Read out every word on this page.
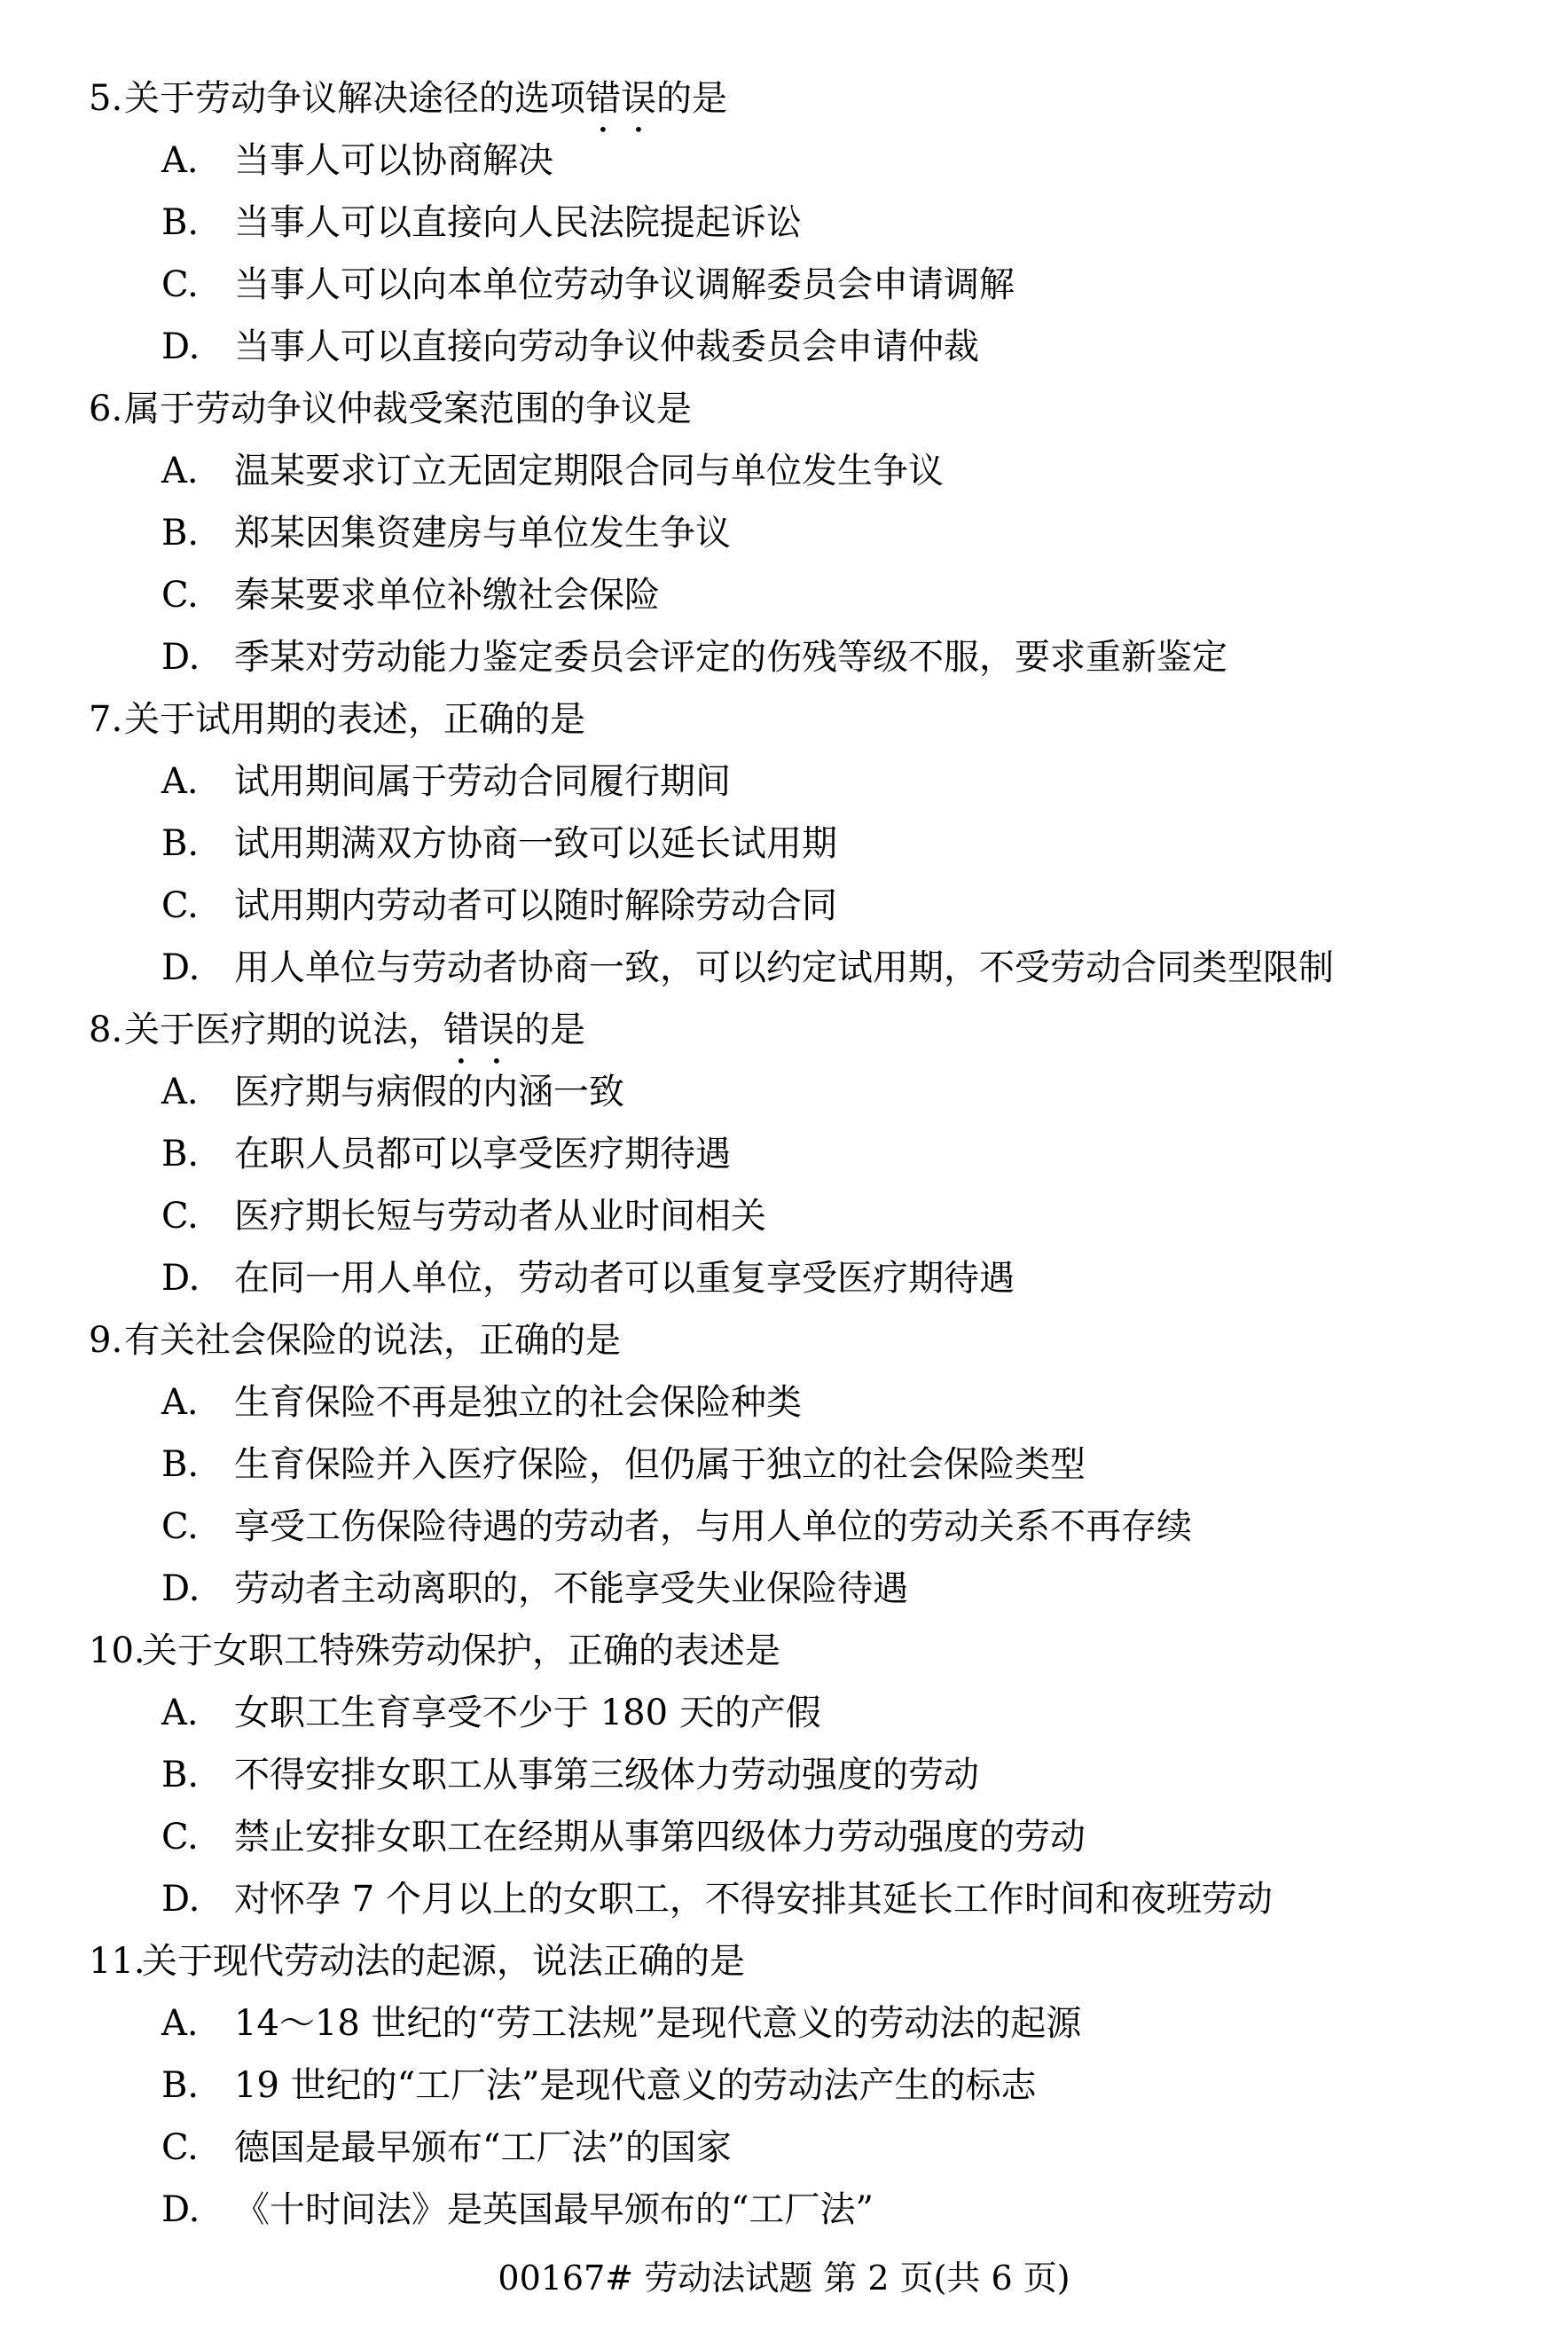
5.关于劳动争议解决途径的选项错误的是
A. 当事人可以协商解决
B. 当事人可以直接向人民法院提起诉讼
C. 当事人可以向本单位劳动争议调解委员会申请调解
D. 当事人可以直接向劳动争议仲裁委员会申请仲裁
6.属于劳动争议仲裁受案范围的争议是
A. 温某要求订立无固定期限合同与单位发生争议
B. 郑某因集资建房与单位发生争议
C. 秦某要求单位补缴社会保险
D. 季某对劳动能力鉴定委员会评定的伤残等级不服，要求重新鉴定
7.关于试用期的表述，正确的是
A. 试用期间属于劳动合同履行期间
B. 试用期满双方协商一致可以延长试用期
C. 试用期内劳动者可以随时解除劳动合同
D. 用人单位与劳动者协商一致，可以约定试用期，不受劳动合同类型限制
8.关于医疗期的说法，错误的是
A. 医疗期与病假的内涵一致
B. 在职人员都可以享受医疗期待遇
C. 医疗期长短与劳动者从业时间相关
D. 在同一用人单位，劳动者可以重复享受医疗期待遇
9.有关社会保险的说法，正确的是
A. 生育保险不再是独立的社会保险种类
B. 生育保险并入医疗保险，但仍属于独立的社会保险类型
C. 享受工伤保险待遇的劳动者，与用人单位的劳动关系不再存续
D. 劳动者主动离职的，不能享受失业保险待遇
10.关于女职工特殊劳动保护，正确的表述是
A. 女职工生育享受不少于 180 天的产假
B. 不得安排女职工从事第三级体力劳动强度的劳动
C. 禁止安排女职工在经期从事第四级体力劳动强度的劳动
D. 对怀孕 7 个月以上的女职工，不得安排其延长工作时间和夜班劳动
11.关于现代劳动法的起源，说法正确的是
A. 14～18 世纪的“劳工法规”是现代意义的劳动法的起源
B. 19 世纪的“工厂法”是现代意义的劳动法产生的标志
C. 德国是最早颁布“工厂法”的国家
D. 《十时间法》是英国最早颁布的“工厂法”
00167# 劳动法试题 第 2 页(共 6 页)
